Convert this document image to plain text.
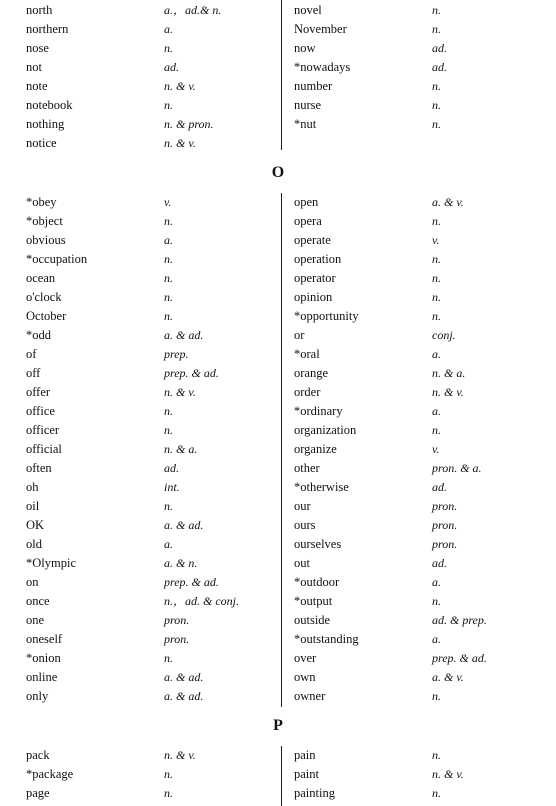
north	a.，ad.& n.
northern	a.
nose	n.
not	ad.
note	n. & v.
notebook	n.
nothing	n. & pron.
notice	n. & v.
novel	n.
November	n.
now	ad.
*nowadays	ad.
number	n.
nurse	n.
*nut	n.
O
*obey	v.
*object	n.
obvious	a.
*occupation	n.
ocean	n.
o'clock	n.
October	n.
*odd	a. & ad.
of	prep.
off	prep. & ad.
offer	n. & v.
office	n.
officer	n.
official	n. & a.
often	ad.
oh	int.
oil	n.
OK	a. & ad.
old	a.
*Olympic	a. & n.
on	prep. & ad.
once	n.，ad. & conj.
one	pron.
oneself	pron.
*onion	n.
online	a. & ad.
only	a. & ad.
open	a. & v.
opera	n.
operate	v.
operation	n.
operator	n.
opinion	n.
*opportunity	n.
or	conj.
*oral	a.
orange	n. & a.
order	n. & v.
*ordinary	a.
organization	n.
organize	v.
other	pron. & a.
*otherwise	ad.
our	pron.
ours	pron.
ourselves	pron.
out	ad.
*outdoor	a.
*output	n.
outside	ad. & prep.
*outstanding	a.
over	prep. & ad.
own	a. & v.
owner	n.
P
pack	n. & v.
*package	n.
page	n.
pain	n.
paint	n. & v.
painting	n.
